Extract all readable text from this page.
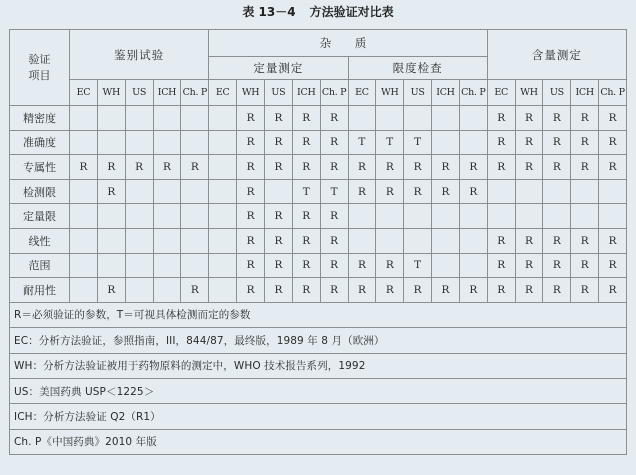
表 13－4 方法验证对比表
验证
项目	鉴别试验					杂 质										含量测定				
						定量测定					限度检查									
	EC	WH	US	ICH	Ch. P	EC	WH	US	ICH	Ch. P	EC	WH	US	ICH	Ch. P	EC	WH	US	ICH	Ch. P
精密度							R	R	R	R						R	R	R	R	R
准确度							R	R	R	R	T	T	T			R	R	R	R	R
专属性	R	R	R	R	R		R	R	R	R	R	R	R	R	R	R	R	R	R	R
检测限		R					R		T	T	R	R	R	R	R					
定量限							R	R	R	R										
线性							R	R	R	R						R	R	R	R	R
范围							R	R	R	R	R	R	T			R	R	R	R	R
耐用性		R			R		R	R	R	R	R	R	R	R	R	R	R	R	R	R
R＝必须验证的参数，T＝可视具体检测而定的参数																				
EC：分析方法验证，参照指南，III，844/87，最终版，1989 年 8 月（欧洲）																				
WH：分析方法验证被用于药物原料的测定中，WHO 技术报告系列，1992																				
US：美国药典 USP＜1225＞																				
ICH：分析方法验证 Q2（R1）																				
Ch. P《中国药典》2010 年版																				
